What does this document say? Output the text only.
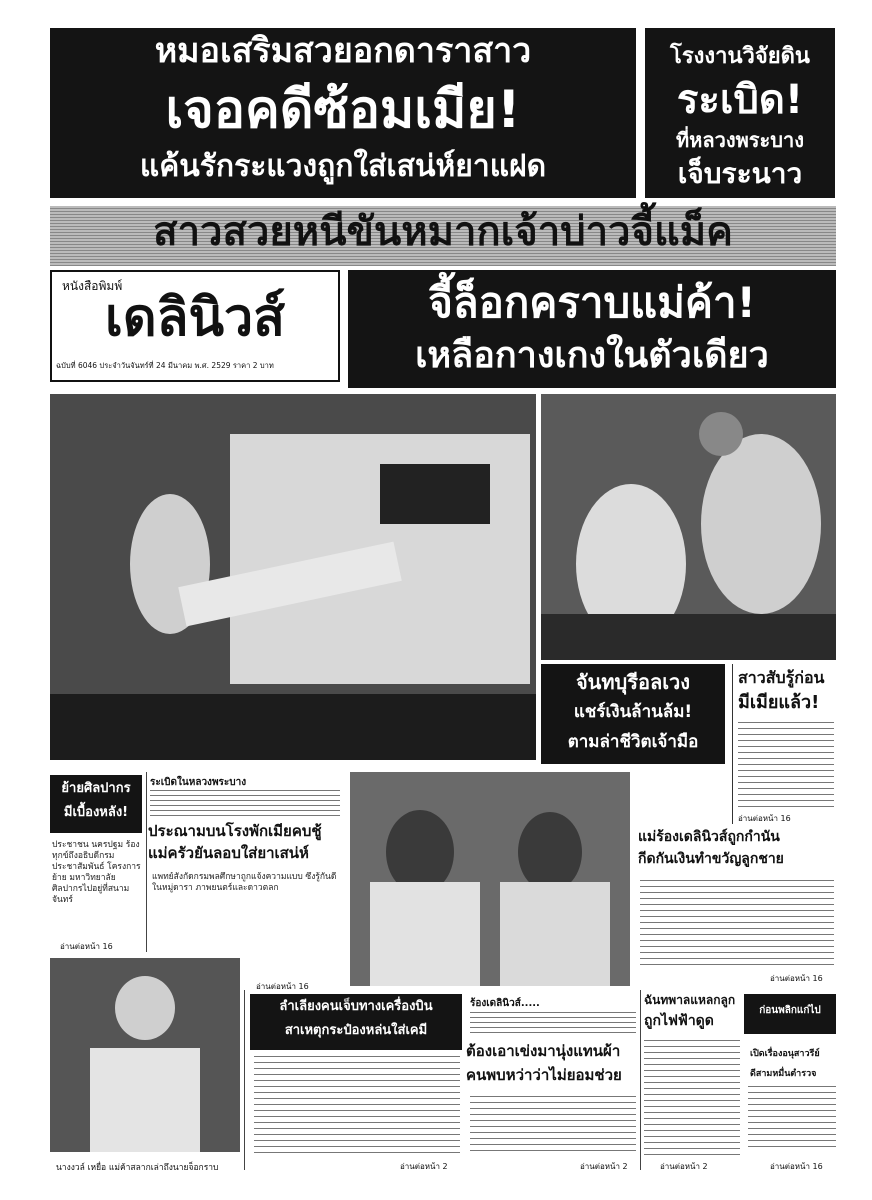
หมอเสริมสวยอกดาราสาว
เจอคดีซ้อมเมีย!
แค้นรักระแวงถูกใส่เสน่ห์ยาแฝด
โรงงานวิจัยดิน
ระเบิด!
ที่หลวงพระบาง
เจ็บระนาว
สาวสวยหนีขันหมากเจ้าบ่าวจี้แม็ค
หนังสือพิมพ์
เดลินิวส์
ฉบับที่ 6046 ประจำวันจันทร์ที่ 24 มีนาคม พ.ศ. 2529 ราคา 2 บาท
จี้ล็อกคราบแม่ค้า!
เหลือกางเกงในตัวเดียว
จันทบุรีอลเวง
แชร์เงินล้านล้ม!
ตามล่าชีวิตเจ้ามือ
สาวสับรู้ก่อน
มีเมียแล้ว!
อ่านต่อหน้า 16
ย้ายศิลปากร
มีเบื้องหลัง!
ประชาชน นครปฐม ร้องทุกข์ถึงอธิบดีกรม ประชาสัมพันธ์ โครงการย้าย มหาวิทยาลัยศิลปากรไปอยู่ที่สนามจันทร์
อ่านต่อหน้า 16
ระเบิดในหลวงพระบาง
ประณามบนโรงพักเมียคบชู้
แม่ครัวยันลอบใส่ยาเสน่ห์
แพทย์สังกัดกรมพลศึกษาถูกแจ้งความแบบ ซึ่งรู้กันดีในหมู่ดารา ภาพยนตร์และดาวตลก
อ่านต่อหน้า 16
แม่ร้องเดลินิวส์ถูกกำนัน
กีดกันเงินทำขวัญลูกชาย
อ่านต่อหน้า 16
นางงวล์ เหยื่อ แม่ค้าสลากเล่าถึงนายจ็อกราบ
ลำเลียงคนเจ็บทางเครื่องบิน
สาเหตุกระป๋องหล่นใส่เคมี
อ่านต่อหน้า 2
ร้องเดลินิวส์.....
ต้องเอาเข่งมานุ่งแทนผ้า
คนพบหว่าว่าไม่ยอมช่วย
อ่านต่อหน้า 2
ฉันทพาลแหลกลูก
ถูกไฟฟ้าดูด
อ่านต่อหน้า 2
ก่อนพลิกแก่ไป
เปิดเรื่องอนุสาวรีย์
ดีสามหมื่นตำรวจ
อ่านต่อหน้า 16
